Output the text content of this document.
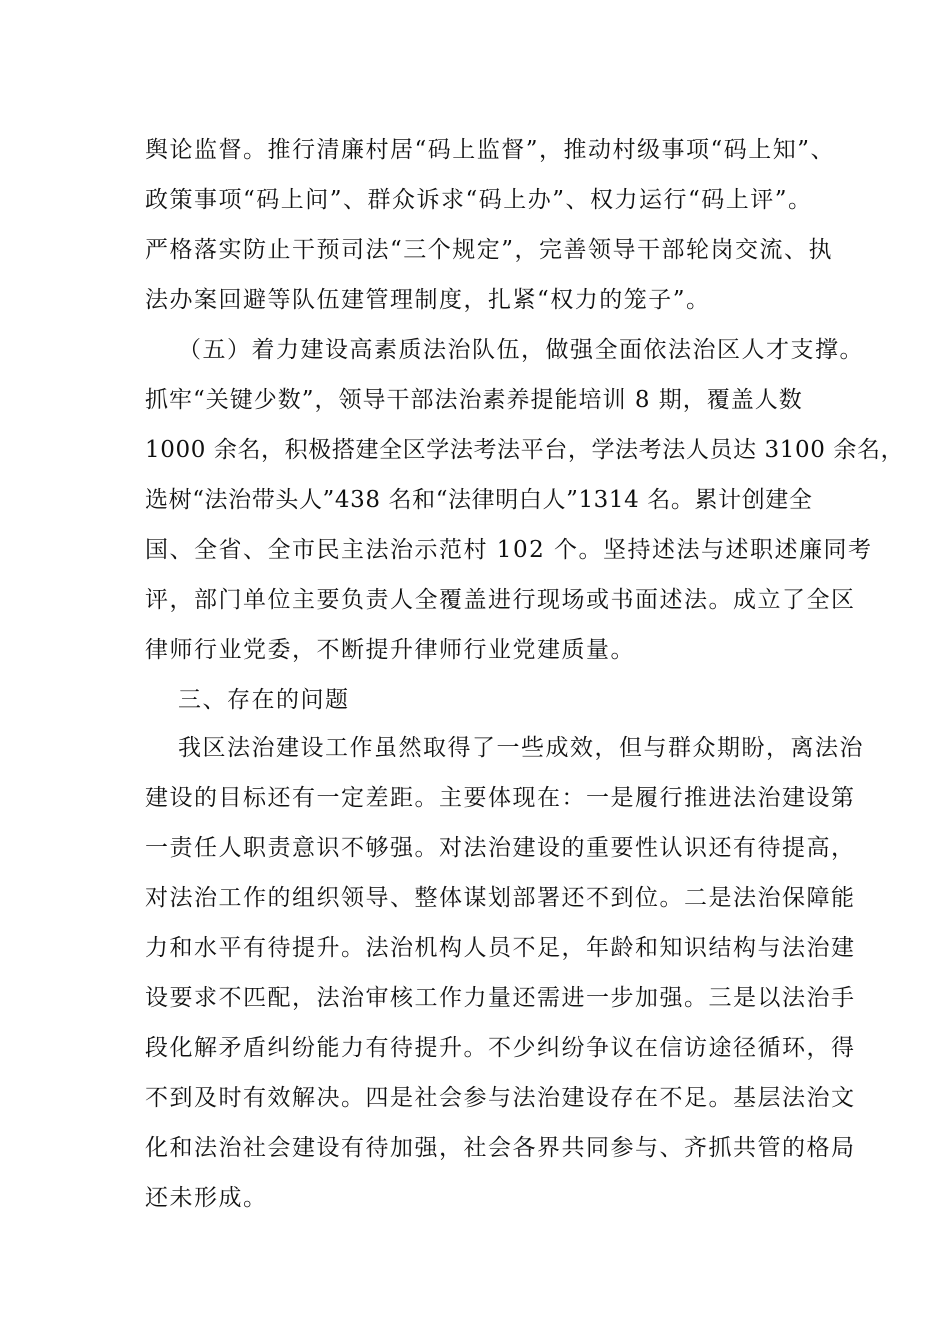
舆论监督。推行清廉村居“码上监督”，推动村级事项“码上知”、
政策事项“码上问”、群众诉求“码上办”、权力运行“码上评”。
严格落实防止干预司法“三个规定”，完善领导干部轮岗交流、执
法办案回避等队伍建管理制度，扎紧“权力的笼子”。
（五）着力建设高素质法治队伍，做强全面依法治区人才支撑。
抓牢“关键少数”，领导干部法治素养提能培训 8 期，覆盖人数
1000 余名，积极搭建全区学法考法平台，学法考法人员达 3100 余名，
选树“法治带头人”438 名和“法律明白人”1314 名。累计创建全
国、全省、全市民主法治示范村 102 个。坚持述法与述职述廉同考
评，部门单位主要负责人全覆盖进行现场或书面述法。成立了全区
律师行业党委，不断提升律师行业党建质量。
三、存在的问题
我区法治建设工作虽然取得了一些成效，但与群众期盼，离法治
建设的目标还有一定差距。主要体现在：一是履行推进法治建设第
一责任人职责意识不够强。对法治建设的重要性认识还有待提高，
对法治工作的组织领导、整体谋划部署还不到位。二是法治保障能
力和水平有待提升。法治机构人员不足，年龄和知识结构与法治建
设要求不匹配，法治审核工作力量还需进一步加强。三是以法治手
段化解矛盾纠纷能力有待提升。不少纠纷争议在信访途径循环，得
不到及时有效解决。四是社会参与法治建设存在不足。基层法治文
化和法治社会建设有待加强，社会各界共同参与、齐抓共管的格局
还未形成。
